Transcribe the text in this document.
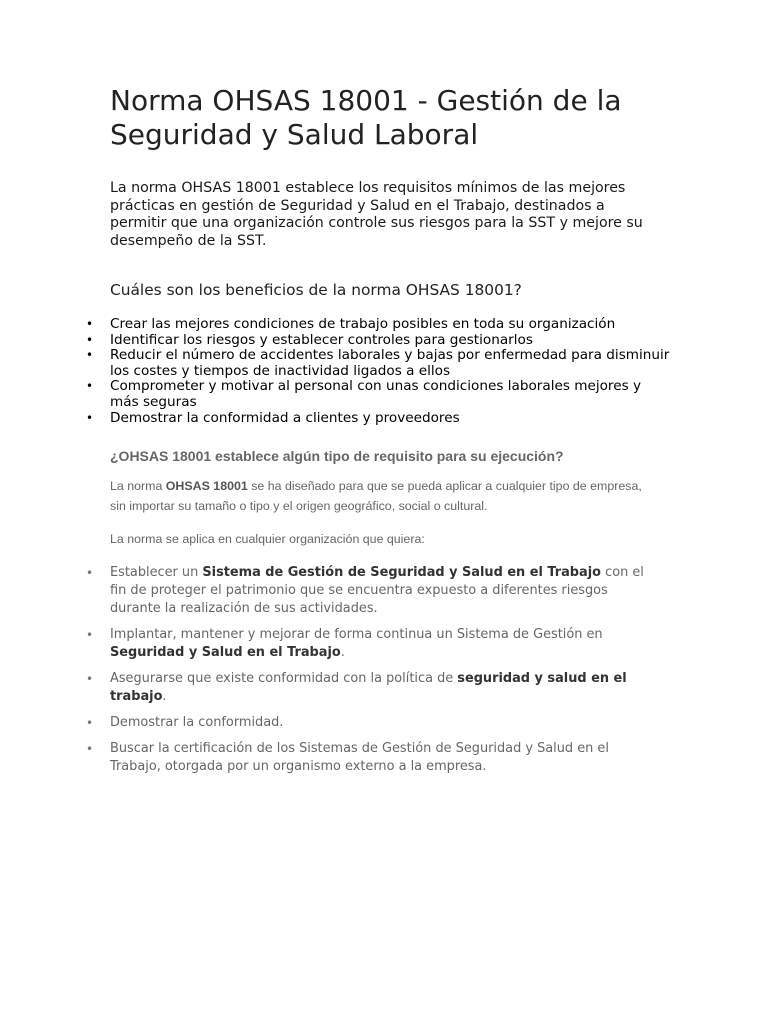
Norma OHSAS 18001 - Gestión de la Seguridad y Salud Laboral

La norma OHSAS 18001 establece los requisitos mínimos de las mejores prácticas en gestión de Seguridad y Salud en el Trabajo, destinados a permitir que una organización controle sus riesgos para la SST y mejore su desempeño de la SST.

Cuáles son los beneficios de la norma OHSAS 18001?
• Crear las mejores condiciones de trabajo posibles en toda su organización
• Identificar los riesgos y establecer controles para gestionarlos
• Reducir el número de accidentes laborales y bajas por enfermedad para disminuir los costes y tiempos de inactividad ligados a ellos
• Comprometer y motivar al personal con unas condiciones laborales mejores y más seguras
• Demostrar la conformidad a clientes y proveedores
¿OHSAS 18001 establece algún tipo de requisito para su ejecución?

La norma OHSAS 18001 se ha diseñado para que se pueda aplicar a cualquier tipo de empresa, sin importar su tamaño o tipo y el origen geográfico, social o cultural.

La norma se aplica en cualquier organización que quiera:

• Establecer un Sistema de Gestión de Seguridad y Salud en el Trabajo con el fin de proteger el patrimonio que se encuentra expuesto a diferentes riesgos durante la realización de sus actividades.
• Implantar, mantener y mejorar de forma continua un Sistema de Gestión en Seguridad y Salud en el Trabajo.
• Asegurarse que existe conformidad con la política de seguridad y salud en el trabajo.
• Demostrar la conformidad.
• Buscar la certificación de los Sistemas de Gestión de Seguridad y Salud en el Trabajo, otorgada por un organismo externo a la empresa.
